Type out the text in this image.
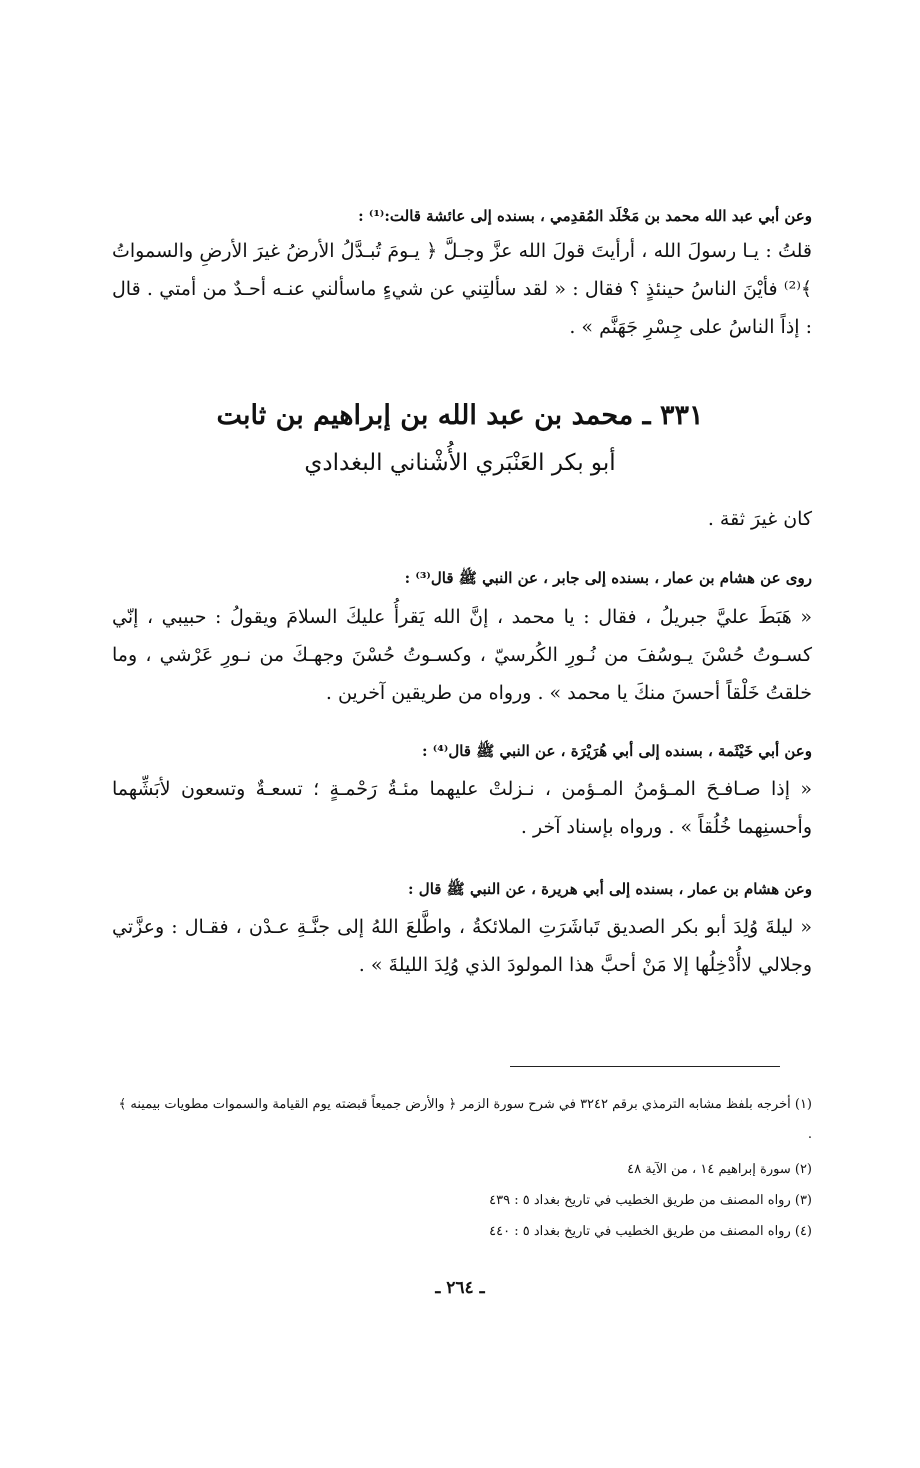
وعن أبي عبد الله محمد بن مَخْلَد المُقدِمي ، بسنده إلى عائشة قالت:⁽¹⁾ :
قلتُ : يـا رسولَ الله ، أرأيتَ قولَ الله عزَّ وجـلَّ ﴿ يـومَ تُبـدَّلُ الأرضُ غيرَ الأرضِ والسمواتُ ﴾⁽²⁾ فأيْنَ الناسُ حينئذٍ ؟ فقال : « لقد سألتِني عن شيءٍ ماسألني عنـه أحـدٌ من أمتي . قال : إذاً الناسُ على جِسْرِ جَهَنَّم » .
٣٣١ ـ محمد بن عبد الله بن إبراهيم بن ثابت
أبو بكر العَنْبَري الأُشْناني البغدادي
كان غيرَ ثقة .
روى عن هشام بن عمار ، بسنده إلى جابر ، عن النبي ﷺ قال⁽³⁾ :
« هَبَطَ عليَّ جبريلُ ، فقال : يا محمد ، إنَّ الله يَقرأُ عليكَ السلامَ ويقولُ : حبيبي ، إنّي كسـوتُ حُسْنَ يـوسُفَ من نُـورِ الكُرسيّ ، وكسـوتُ حُسْنَ وجهـكَ من نـورِ عَرْشي ، وما خلقتُ خَلْقاً أحسنَ منكَ يا محمد » . ورواه من طريقين آخرين .
وعن أبي خَيْثَمة ، بسنده إلى أبي هُرَيْرَة ، عن النبي ﷺ قال⁽⁴⁾ :
« إذا صـافـحَ المـؤمنُ المـؤمن ، نـزلتْ عليهما مئـةُ رَحْمـةٍ ؛ تسعـةٌ وتسعون لأبَشِّهما وأحسنِهما خُلُقاً » . ورواه بإسناد آخر .
وعن هشام بن عمار ، بسنده إلى أبي هريرة ، عن النبي ﷺ قال :
« ليلةَ وُلِدَ أبو بكر الصديق تَباشَرَتِ الملائكةُ ، واطَّلعَ اللهُ إلى جنَّـةِ عـدْن ، فقـال : وعزَّتي وجلالي لاأُدْخِلُها إلا مَنْ أحبَّ هذا المولودَ الذي وُلِدَ الليلةَ » .
(١) أخرجه بلفظ مشابه الترمذي برقم ٣٢٤٢ في شرح سورة الزمر ﴿ والأرض جميعاً قبضته يوم القيامة والسموات مطويات بيمينه ﴾ .
(٢) سورة إبراهيم ١٤ ، من الآية ٤٨
(٣) رواه المصنف من طريق الخطيب في تاريخ بغداد ٥ : ٤٣٩
(٤) رواه المصنف من طريق الخطيب في تاريخ بغداد ٥ : ٤٤٠
ـ ٢٦٤ ـ
